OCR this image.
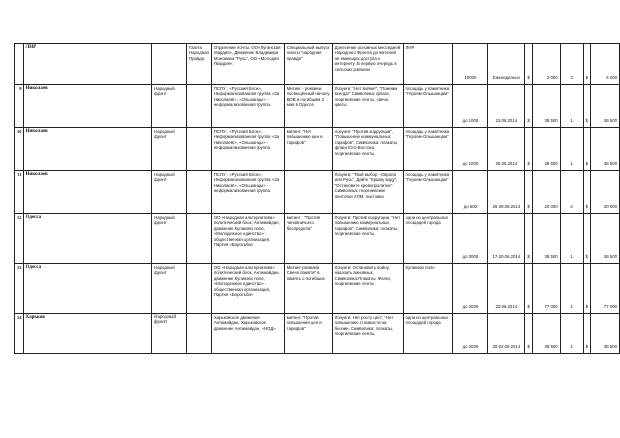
	ЛНР		Газета Народная Правда	Отделение почты, ОО«Луганская гвардия», Движение Владимира Мономаха "Русь", ОО «Молодая Гвардия»,	Специальный выпуск газеты "народная правда"	Донесение основных месседжей Народного Фронта до жителей не имеющих доступа к интернету. В первую очередь в сельских районах	ЛНР	10000	Еженедельно	$	2 000	3	$	6 000
9	Николаев	Народный фронт		ПСПУ , «Русский Блок», Неформализованная группа «За Николаев!», «Ольшанцы» - неформализованная группа.	Митинг - реквием посвещённый началу ВОВ и погибшим 2 мая в Одессе	Лозунги: "Нет войне!", "Помним всегда!" Символика: флаги, георгиевские ленты, свечи, цветы	площадь у памятника "Героям-Ольшанцам"	до 1000	22.06.2014	$	38 500	1	$	38 500
10	Николаев	Народный фронт		ПСПУ , «Русский Блок», Неформализованная группа «За Николаев!», «Ольшанцы» - неформализованная группа.	митинг: "Нет повышению цен и тарифов"	лозунги: "Против коррупции", "Повышение коммунальных тарифов", Символика: плакаты, флаги Юго-Востока, георгиевские ленты,	площадь у памятника "Героям-Ольшанцам"	до 1000	25.06.2014	$	38 500	1	$	38 500
11	Николаев	Народный фронт		ПСПУ , «Русский Блок», Неформализованная группа «За Николаев!», «Ольшанцы» - неформализованная группа.		Лозунги: "Твой выбор - Европа или Русь", Дайте "Крыму воду", "Остановите кровопролитие" Символика: георгиевские ленточки АПМ: листовки	площадь у памятника "Героям-Ольшанцам"	до 500	26-28.06.2014	$	20 000	2	$	20 000
12	Одесса	Народный фронт		ОО «Народная альтернатива» политический блок, Антимайдан, движение Куликово поле, «Молодежное единство» - общественная организация, Партия «Боротьба»	митинг : "Против чиновничьего беспредела"	Лозунги: Против коррупции, "Нет повышению коммунальных тарифов", Символика: плакаты, георгиевские ленты,	одна из центральных площадей города	до 3000	17-20.06.2014	$	38 500	1	$	38 500
13	Одесса	Народный фронт		ОО «Народная альтернатива» политический блок, Антимайдан, движение Куликово поле, «Молодежное единство» - общественная организация, Партия «Боротьба»	Митинг-реквием Свеча памяти" в память о погибших	Лозунги: Остановить войну, наказать виновных. Символика:Плакаты, Флаги, георгиевские ленты	Куликово поле	до 3000	22.06.2014	$	77 000	1	$	77 000
14	Харьков	Народный фронт		Харьковское движение Антимайдан, Харьковское движение Антимайдан, «НОД»	митинг: "Против повышения цен и тарифов"	Лозунги: Нет росту цен", "Нет повышению стоимости на бензин. Символика: плакаты, георгиевские ленты,	одна из центральных площадей города	до 3000	20-22.06.2014	$	38 500	1	$	38 500
